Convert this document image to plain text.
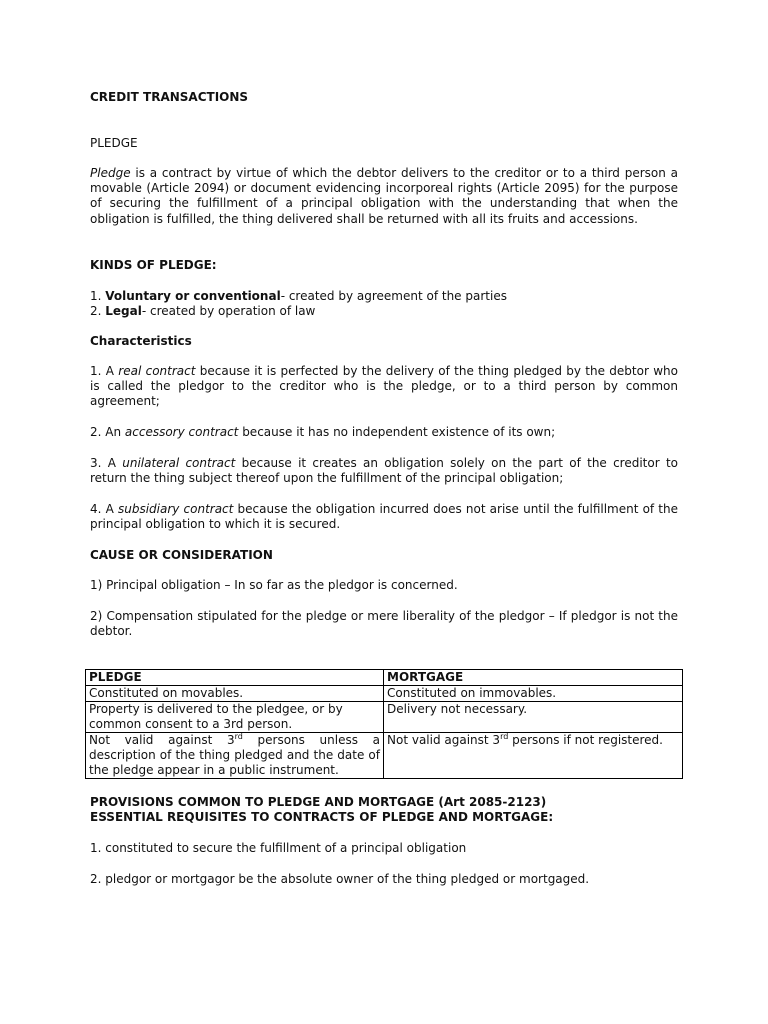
CREDIT TRANSACTIONS

PLEDGE

Pledge is a contract by virtue of which the debtor delivers to the creditor or to a third person a movable (Article 2094) or document evidencing incorporeal rights (Article 2095) for the purpose of securing the fulfillment of a principal obligation with the understanding that when the obligation is fulfilled, the thing delivered shall be returned with all its fruits and accessions.

KINDS OF PLEDGE:

1. Voluntary or conventional- created by agreement of the parties

2. Legal- created by operation of law

Characteristics

1. A real contract because it is perfected by the delivery of the thing pledged by the debtor who is called the pledgor to the creditor who is the pledge, or to a third person by common agreement;

2. An accessory contract because it has no independent existence of its own;

3. A unilateral contract because it creates an obligation solely on the part of the creditor to return the thing subject thereof upon the fulfillment of the principal obligation;

4. A subsidiary contract because the obligation incurred does not arise until the fulfillment of the principal obligation to which it is secured.

CAUSE OR CONSIDERATION

1) Principal obligation – In so far as the pledgor is concerned.

2) Compensation stipulated for the pledge or mere liberality of the pledgor – If pledgor is not the debtor.

PLEDGE	MORTGAGE
Constituted on movables.	Constituted on immovables.
Property is delivered to the pledgee, or by common consent to a 3rd person.	Delivery not necessary.
Not valid against 3rd persons unless a description of the thing pledged and the date of the pledge appear in a public instrument.	Not valid against 3rd persons if not registered.

PROVISIONS COMMON TO PLEDGE AND MORTGAGE (Art 2085-2123)

ESSENTIAL REQUISITES TO CONTRACTS OF PLEDGE AND MORTGAGE:

1. constituted to secure the fulfillment of a principal obligation

2. pledgor or mortgagor be the absolute owner of the thing pledged or mortgaged.
